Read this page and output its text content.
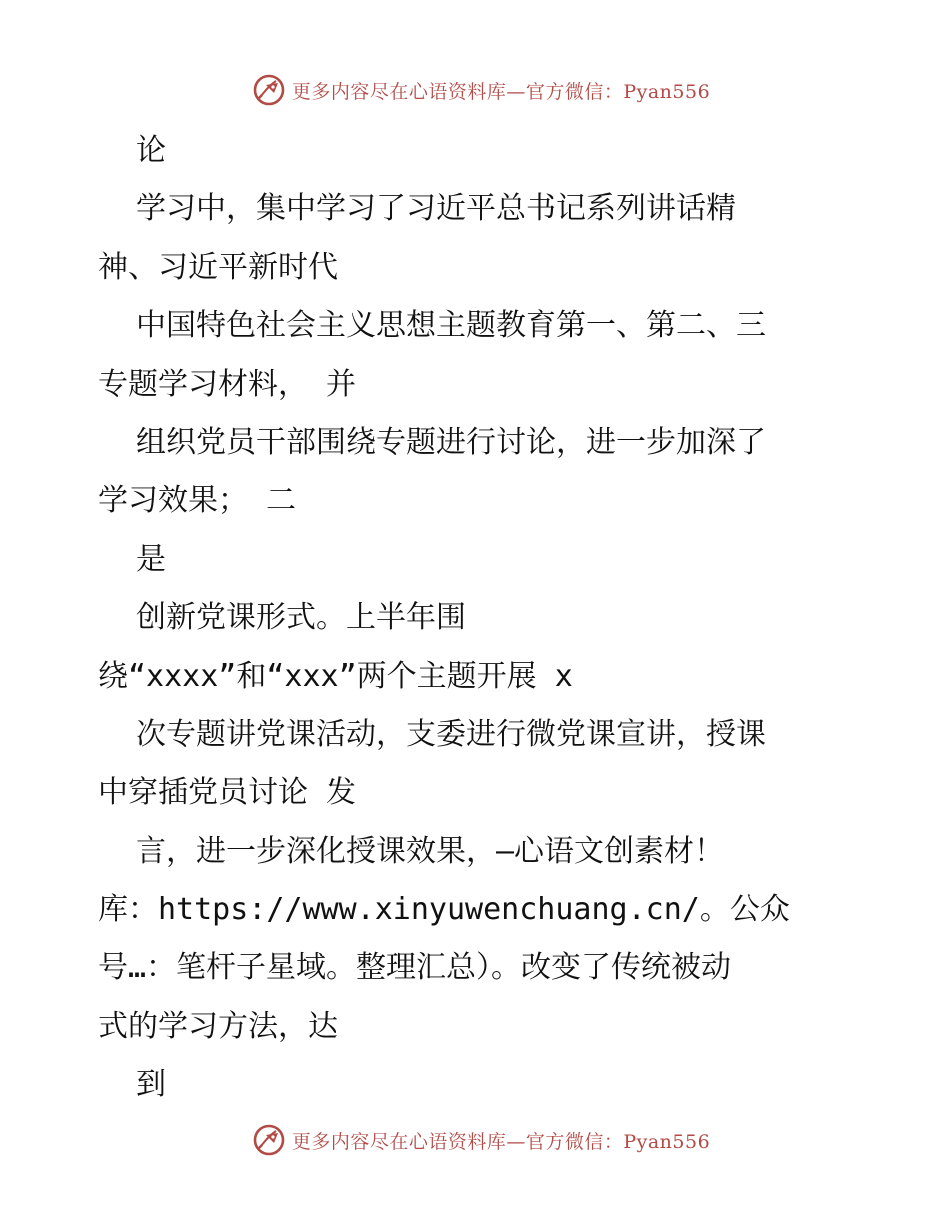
更多内容尽在心语资料库—官方微信：Pyan556
论
学习中，集中学习了习近平总书记系列讲话精
神、习近平新时代
中国特色社会主义思想主题教育第一、第二、三
专题学习材料， 并
组织党员干部围绕专题进行讨论，进一步加深了
学习效果； 二
是
创新党课形式。上半年围
绕“xxxx”和“xxx”两个主题开展 x
次专题讲党课活动，支委进行微党课宣讲，授课
中穿插党员讨论 发
言，进一步深化授课效果，—心语文创素材！
库：https://www.xinyuwenchuang.cn/。公众
号…：笔杆子星域。整理汇总）。改变了传统被动
式的学习方法，达
到
更多内容尽在心语资料库—官方微信：Pyan556
